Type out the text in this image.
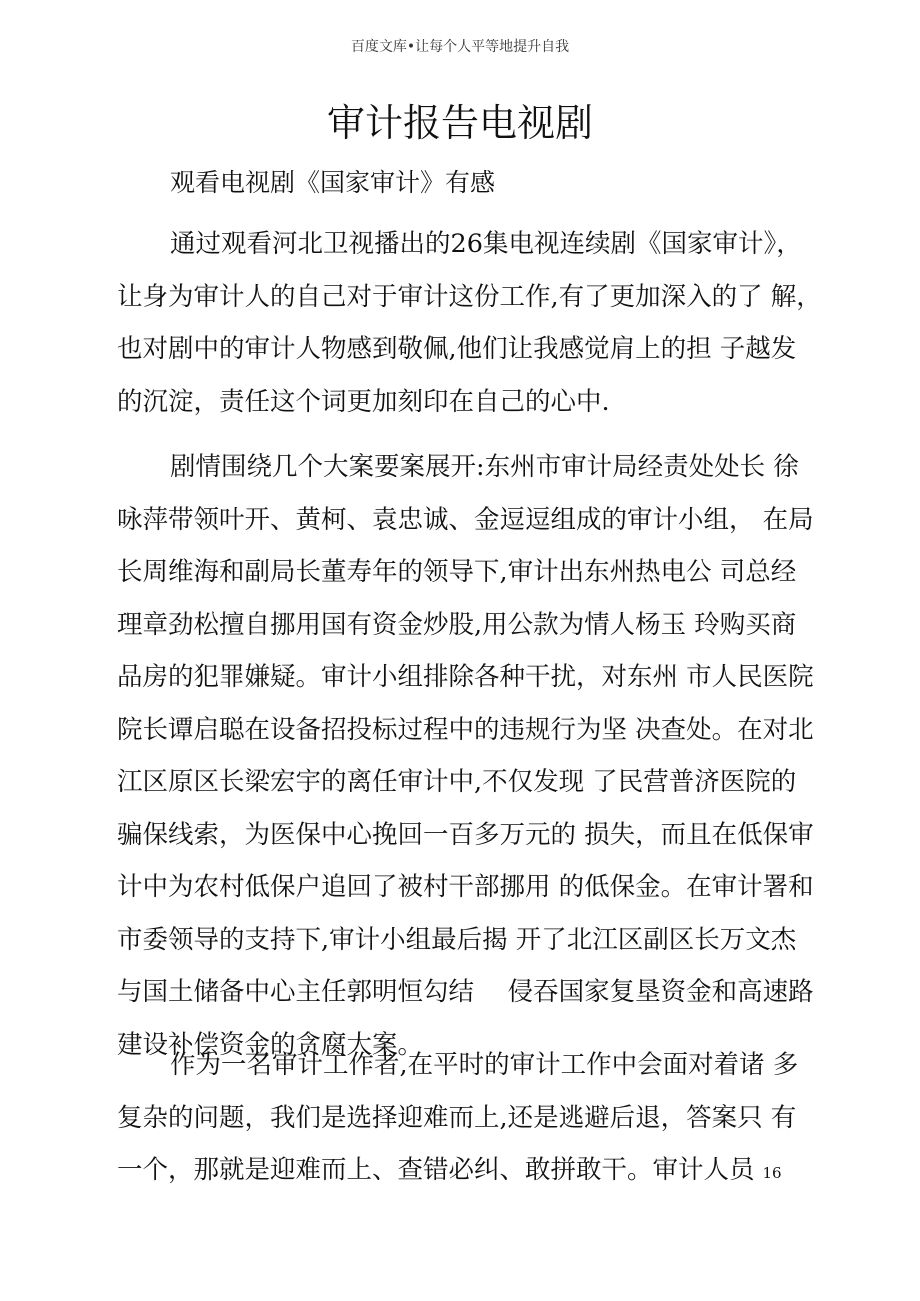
百度文库•让每个人平等地提升自我
审计报告电视剧
观看电视剧《国家审计》有感
通过观看河北卫视播出的26集电视连续剧《国家审计》，
让身为审计人的自己对于审计这份工作,有了更加深入的了 解，
也对剧中的审计人物感到敬佩,他们让我感觉肩上的担 子越发
的沉淀，责任这个词更加刻印在自己的心中.
剧情围绕几个大案要案展开:东州市审计局经责处处长 徐
咏萍带领叶开、黄柯、袁忠诚、金逗逗组成的审计小组， 在局
长周维海和副局长董寿年的领导下,审计出东州热电公 司总经
理章劲松擅自挪用国有资金炒股,用公款为情人杨玉 玲购买商
品房的犯罪嫌疑。审计小组排除各种干扰，对东州 市人民医院
院长谭启聪在设备招投标过程中的违规行为坚 决查处。在对北
江区原区长梁宏宇的离任审计中,不仅发现 了民营普济医院的
骗保线索，为医保中心挽回一百多万元的 损失，而且在低保审
计中为农村低保户追回了被村干部挪用 的低保金。在审计署和
市委领导的支持下,审计小组最后揭 开了北江区副区长万文杰
与国土储备中心主任郭明恒勾结　 侵吞国家复垦资金和高速路
建设补偿资金的贪腐大案。
作为一名审计工作者,在平时的审计工作中会面对着诸 多
复杂的问题，我们是选择迎难而上,还是逃避后退，答案只 有
一个，那就是迎难而上、查错必纠、敢拼敢干。审计人员 16
